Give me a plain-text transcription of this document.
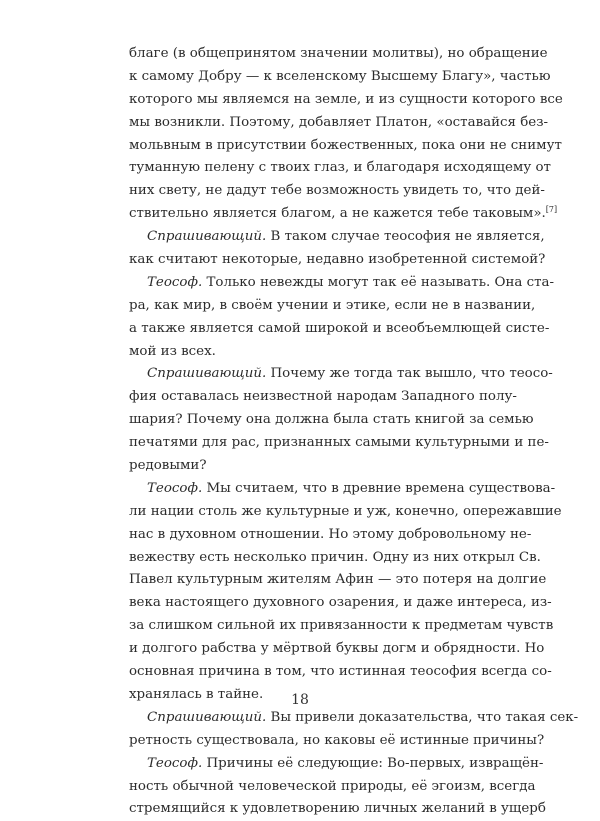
благе (в общепринятом значении молитвы), но обращение
к самому Добру — к вселенскому Высшему Благу», частью
которого мы являемся на земле, и из сущности которого все
мы возникли. Поэтому, добавляет Платон, «оставайся без-
мольвным в присутствии божественных, пока они не снимут
туманную пелену с твоих глаз, и благодаря исходящему от
них свету, не дадут тебе возможность увидеть то, что дей-
ствительно является благом, а не кажется тебе таковым».[7]
Спрашивающий. В таком случае теософия не является,
как считают некоторые, недавно изобретенной системой?
Теософ. Только невежды могут так её называть. Она ста-
ра, как мир, в своём учении и этике, если не в названии,
а также является самой широкой и всеобъемлющей систе-
мой из всех.
Спрашивающий. Почему же тогда так вышло, что теосо-
фия оставалась неизвестной народам Западного полу-
шария? Почему она должна была стать книгой за семью
печатями для рас, признанных самыми культурными и пе-
редовыми?
Теософ. Мы считаем, что в древние времена существова-
ли нации столь же культурные и уж, конечно, опережавшие
нас в духовном отношении. Но этому добровольному не-
вежеству есть несколько причин. Одну из них открыл Св.
Павел культурным жителям Афин — это потеря на долгие
века настоящего духовного озарения, и даже интереса, из-
за слишком сильной их привязанности к предметам чувств
и долгого рабства у мёртвой буквы догм и обрядности. Но
основная причина в том, что истинная теософия всегда со-
хранялась в тайне.
Спрашивающий. Вы привели доказательства, что такая сек-
ретность существовала, но каковы её истинные причины?
Теософ. Причины её следующие: Во-первых, извращён-
ность обычной человеческой природы, её эгоизм, всегда
стремящийся к удовлетворению личных желаний в ущерб
18
